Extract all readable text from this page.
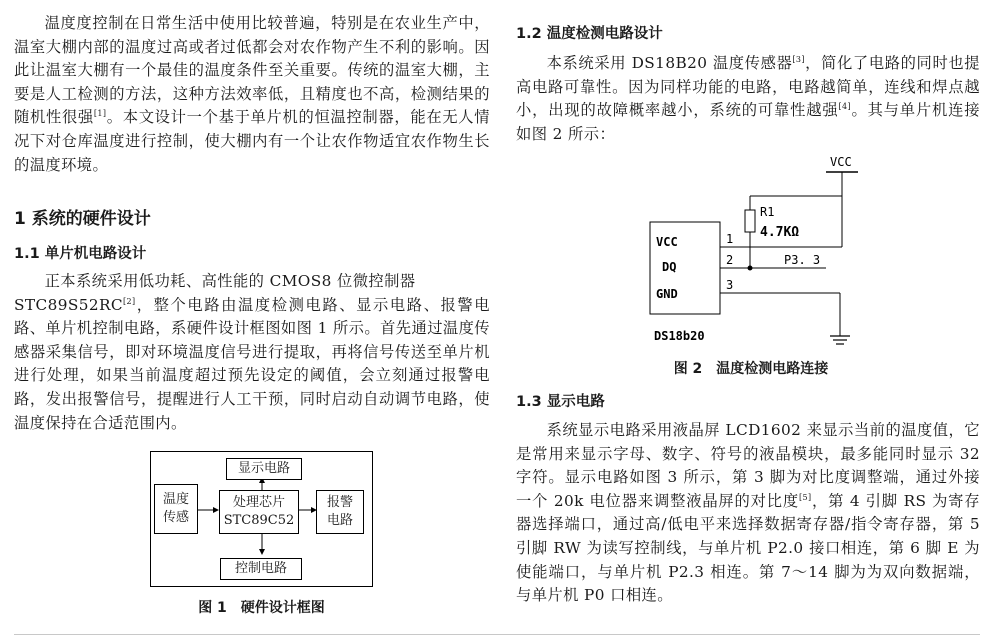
温度度控制在日常生活中使用比较普遍，特别是在农业生产中，温室大棚内部的温度过高或者过低都会对农作物产生不利的影响。因此让温室大棚有一个最佳的温度条件至关重要。传统的温室大棚，主要是人工检测的方法，这种方法效率低，且精度也不高，检测结果的随机性很强[1]。本文设计一个基于单片机的恒温控制器，能在无人情况下对仓库温度进行控制，使大棚内有一个让农作物适宜农作物生长的温度环境。

1 系统的硬件设计
1.1 单片机电路设计

正本系统采用低功耗、高性能的 CMOS8 位微控制器
STC89S52RC[2]，整个电路由温度检测电路、显示电路、报警电路、单片机控制电路，系硬件设计框图如图 1 所示。首先通过温度传感器采集信号，即对环境温度信号进行提取，再将信号传送至单片机进行处理，如果当前温度超过预先设定的阈值，会立刻通过报警电路，发出报警信号，提醒进行人工干预，同时启动自动调节电路，使温度保持在合适范围内。

温度
传感
显示电路
处理芯片
STC89C52
报警
电路
控制电路

图 1　硬件设计框图

1.2 温度检测电路设计

本系统采用 DS18B20 温度传感器[3]，简化了电路的同时也提高电路可靠性。因为同样功能的电路，电路越简单，连线和焊点越小，出现的故障概率越小，系统的可靠性越强[4]。其与单片机连接如图 2 所示：

VCC
R1
4.7KΩ
VCC
DQ
GND
1
2
3
P3. 3
DS18b20

图 2　温度检测电路连接

1.3 显示电路

系统显示电路采用液晶屏 LCD1602 来显示当前的温度值，它是常用来显示字母、数字、符号的液晶模块，最多能同时显示 32 字符。显示电路如图 3 所示，第 3 脚为对比度调整端，通过外接一个 20k 电位器来调整液晶屏的对比度[5]，第 4 引脚 RS 为寄存器选择端口，通过高/低电平来选择数据寄存器/指令寄存器，第 5 引脚 RW 为读写控制线，与单片机 P2.0 接口相连，第 6 脚 E 为使能端口，与单片机 P2.3 相连。第 7～14 脚为为双向数据端，与单片机 P0 口相连。
